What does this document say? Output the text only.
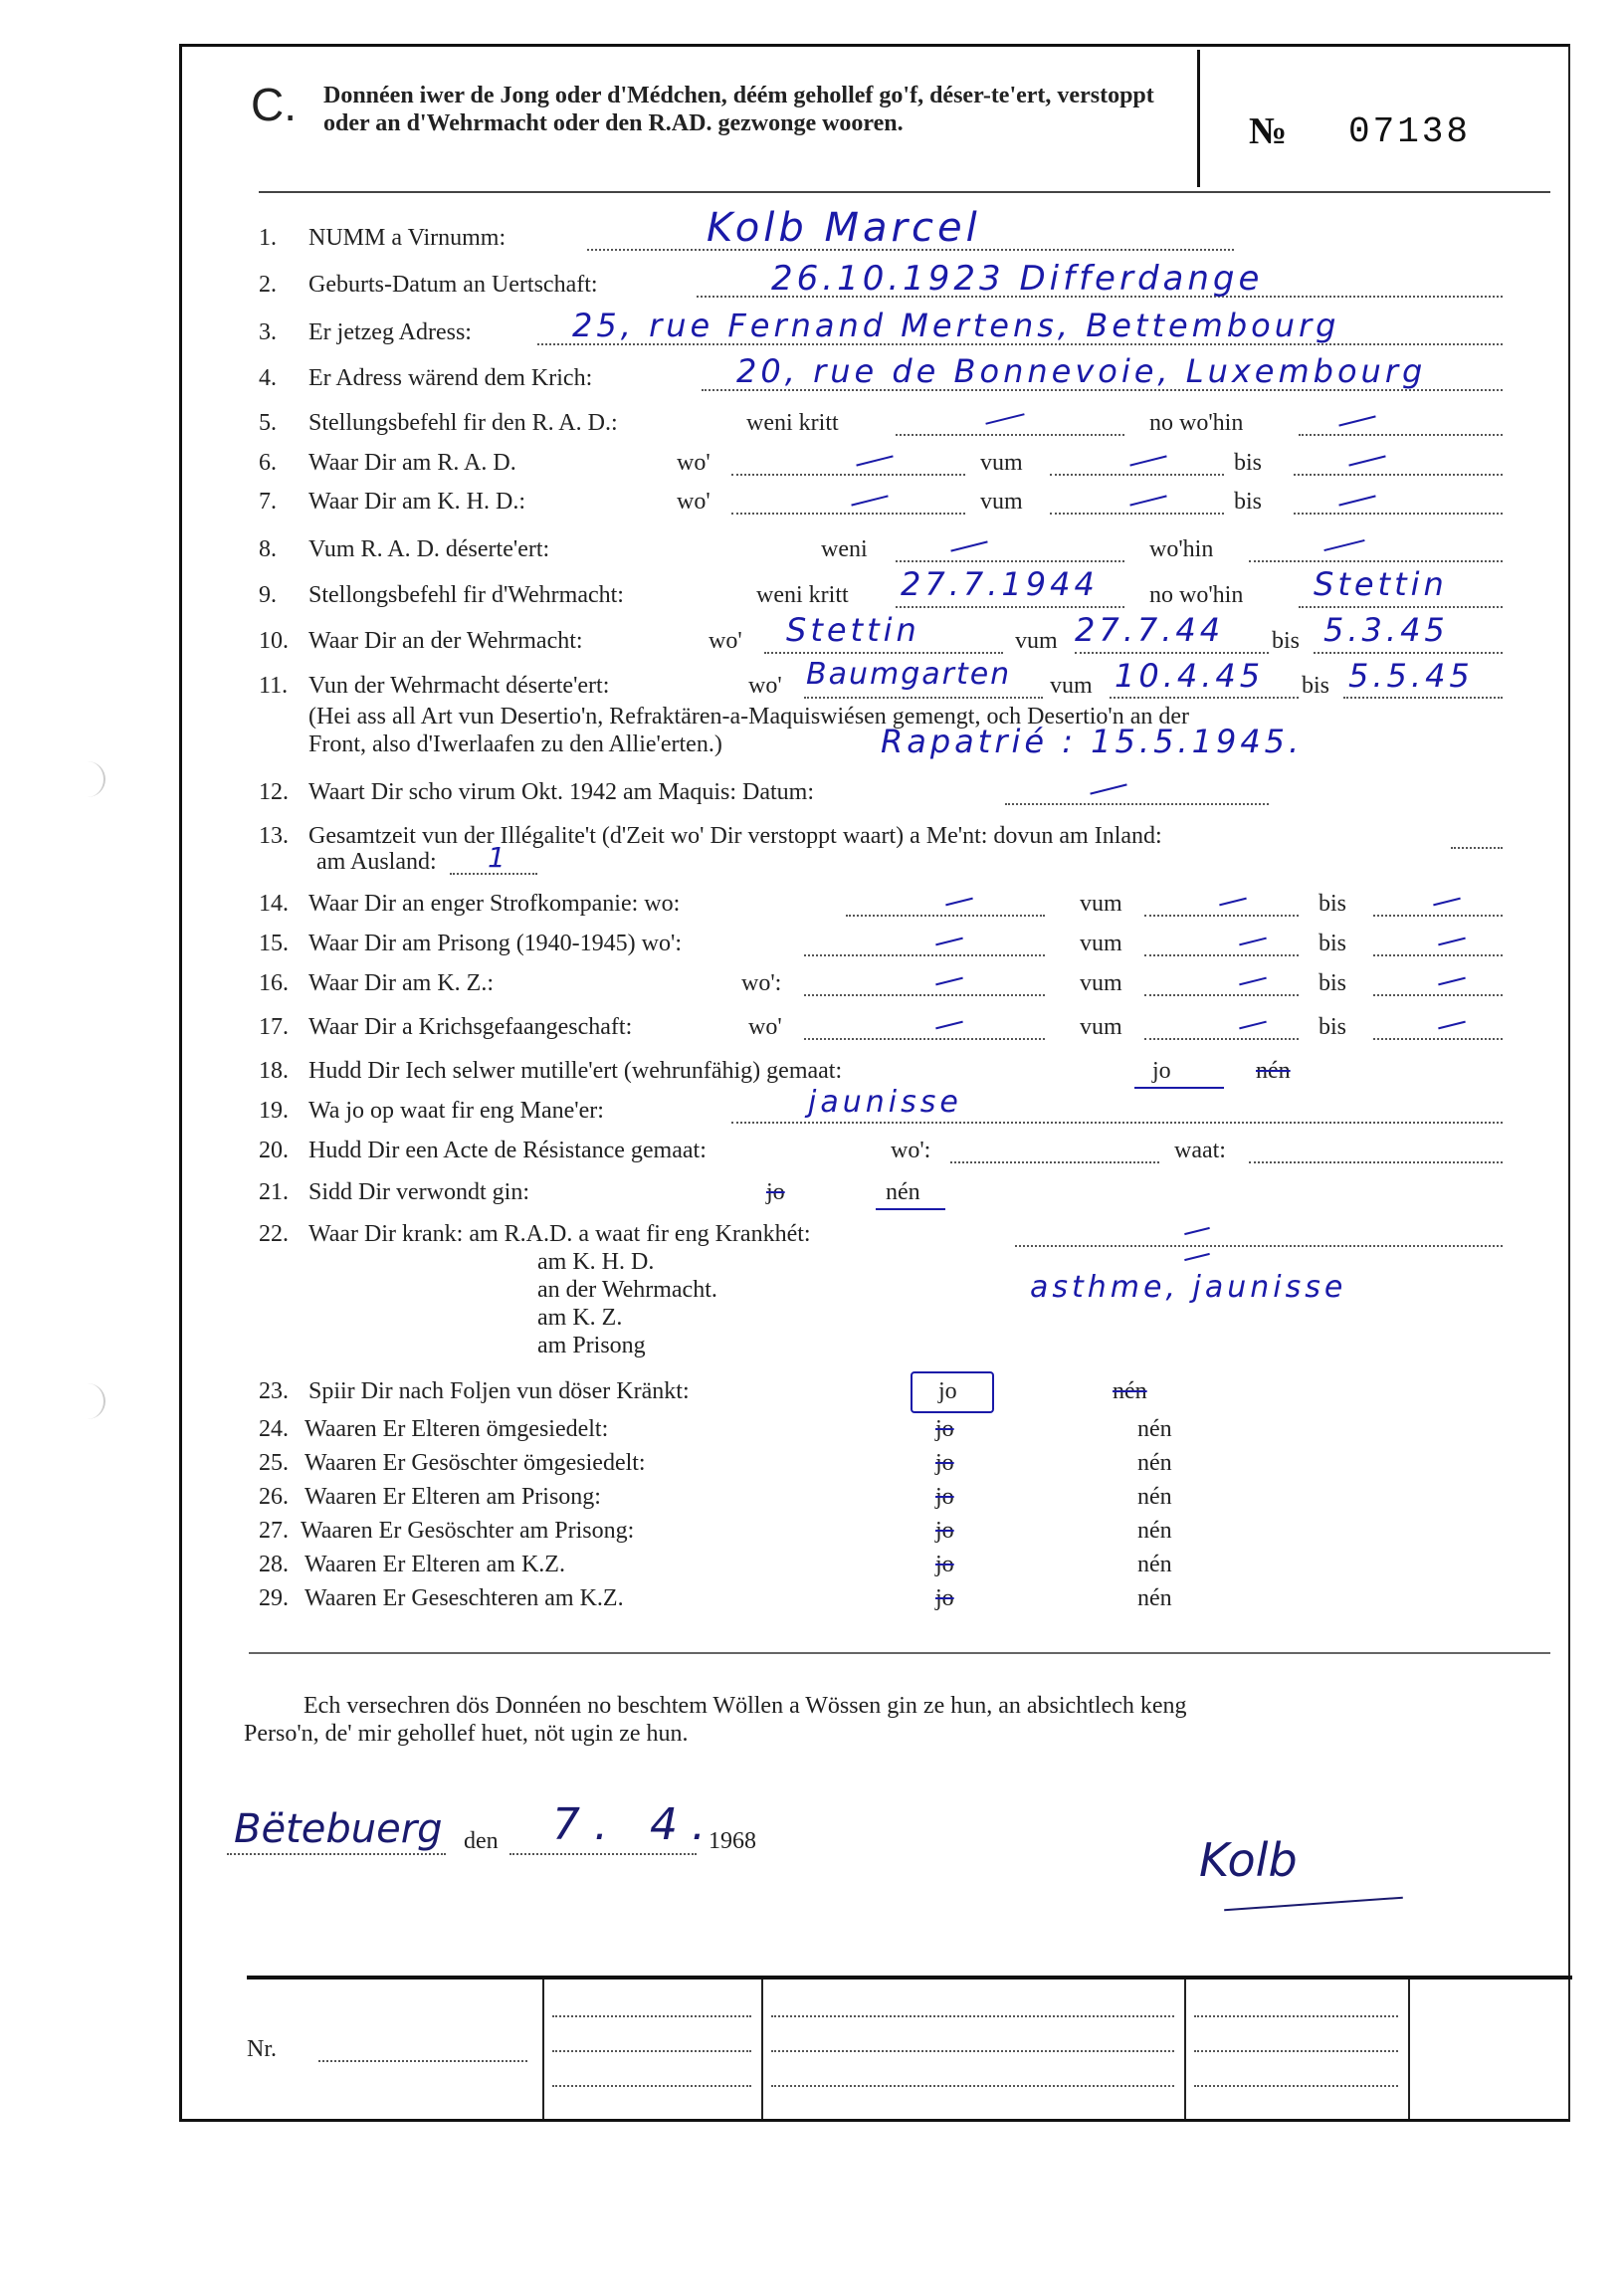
C. Donnéen iwer de Jong oder d'Médchen, déém gehollef go'f, déser-te'ert, verstoppt oder an d'Wehrmacht oder den R.AD. gezwonge wooren.	№ 07138
1. NUMM a Virnumm:	Kolb Marcel
2. Geburts-Datum an Uertschaft:	26.10.1923 Differdange
3. Er jetzeg Adress:	25, rue Fernand Mertens, Bettembourg
4. Er Adress wärend dem Krich:	20, rue de Bonnevoie, Luxembourg
5. Stellungsbefehl fir den R. A. D.:	weni kritt	no wo'hin
6. Waar Dir am R. A. D.	wo'	vum	bis
7. Waar Dir am K. H. D.:	wo'	vum	bis
8. Vum R. A. D. déserte'ert:	weni	wo'hin
9. Stellongsbefehl fir d'Wehrmacht:	weni kritt 27.7.1944 no wo'hin Stettin
10. Waar Dir an der Wehrmacht:	wo' Stettin	vum 27.7.44 bis 5.3.45
11. Vun der Wehrmacht déserte'ert:	wo' Baumgarten vum 10.4.45 bis 5.5.45
(Hei ass all Art vun Desertio'n, Refraktären-a-Maquiswiésen gemengt, och Desertio'n an der
Front, also d'Iwerlaafen zu den Allie'erten.)	Rapatrié : 15.5.1945.
12. Waart Dir scho virum Okt. 1942 am Maquis: Datum:
13. Gesamtzeit vun der Illégalite't (d'Zeit wo' Dir verstoppt waart) a Me'nt: dovun am Inland:
am Ausland: 1
14. Waar Dir an enger Strofkompanie: wo:	vum	bis
15. Waar Dir am Prisong (1940-1945) wo':	vum	bis
16. Waar Dir am K. Z.:	wo':	vum	bis
17. Waar Dir a Krichsgefaangeschaft:	wo'	vum	bis
18. Hudd Dir Iech selwer mutille'ert (wehrunfähig) gemaat:	jo	nén
19. Wa jo op waat fir eng Mane'er:	jaunisse
20. Hudd Dir een Acte de Résistance gemaat:	wo':	waat:
21. Sidd Dir verwondt gin:	jo	nén
22. Waar Dir krank: am R.A.D. a waat fir eng Krankhét:
am K. H. D.
an der Wehrmacht.	asthme, jaunisse
am K. Z.
am Prisong
23. Spiir Dir nach Foljen vun döser Kränkt:	jo	nén
24. Waaren Er Elteren ömgesiedelt:	jo	nén
25. Waaren Er Gesöschter ömgesiedelt:	jo	nén
26. Waaren Er Elteren am Prisong:	jo	nén
27. Waaren Er Gesöschter am Prisong:	jo	nén
28. Waaren Er Elteren am K.Z.	jo	nén
29. Waaren Er Geseschteren am K.Z.	jo	nén
Ech versechren dös Donnéen no beschtem Wöllen a Wössen gin ze hun, an absichtlech keng
Perso'n, de' mir gehollef huet, nöt ugin ze hun.
Bëtebuerg den 7. 4.
1968	Kolb
Nr.
